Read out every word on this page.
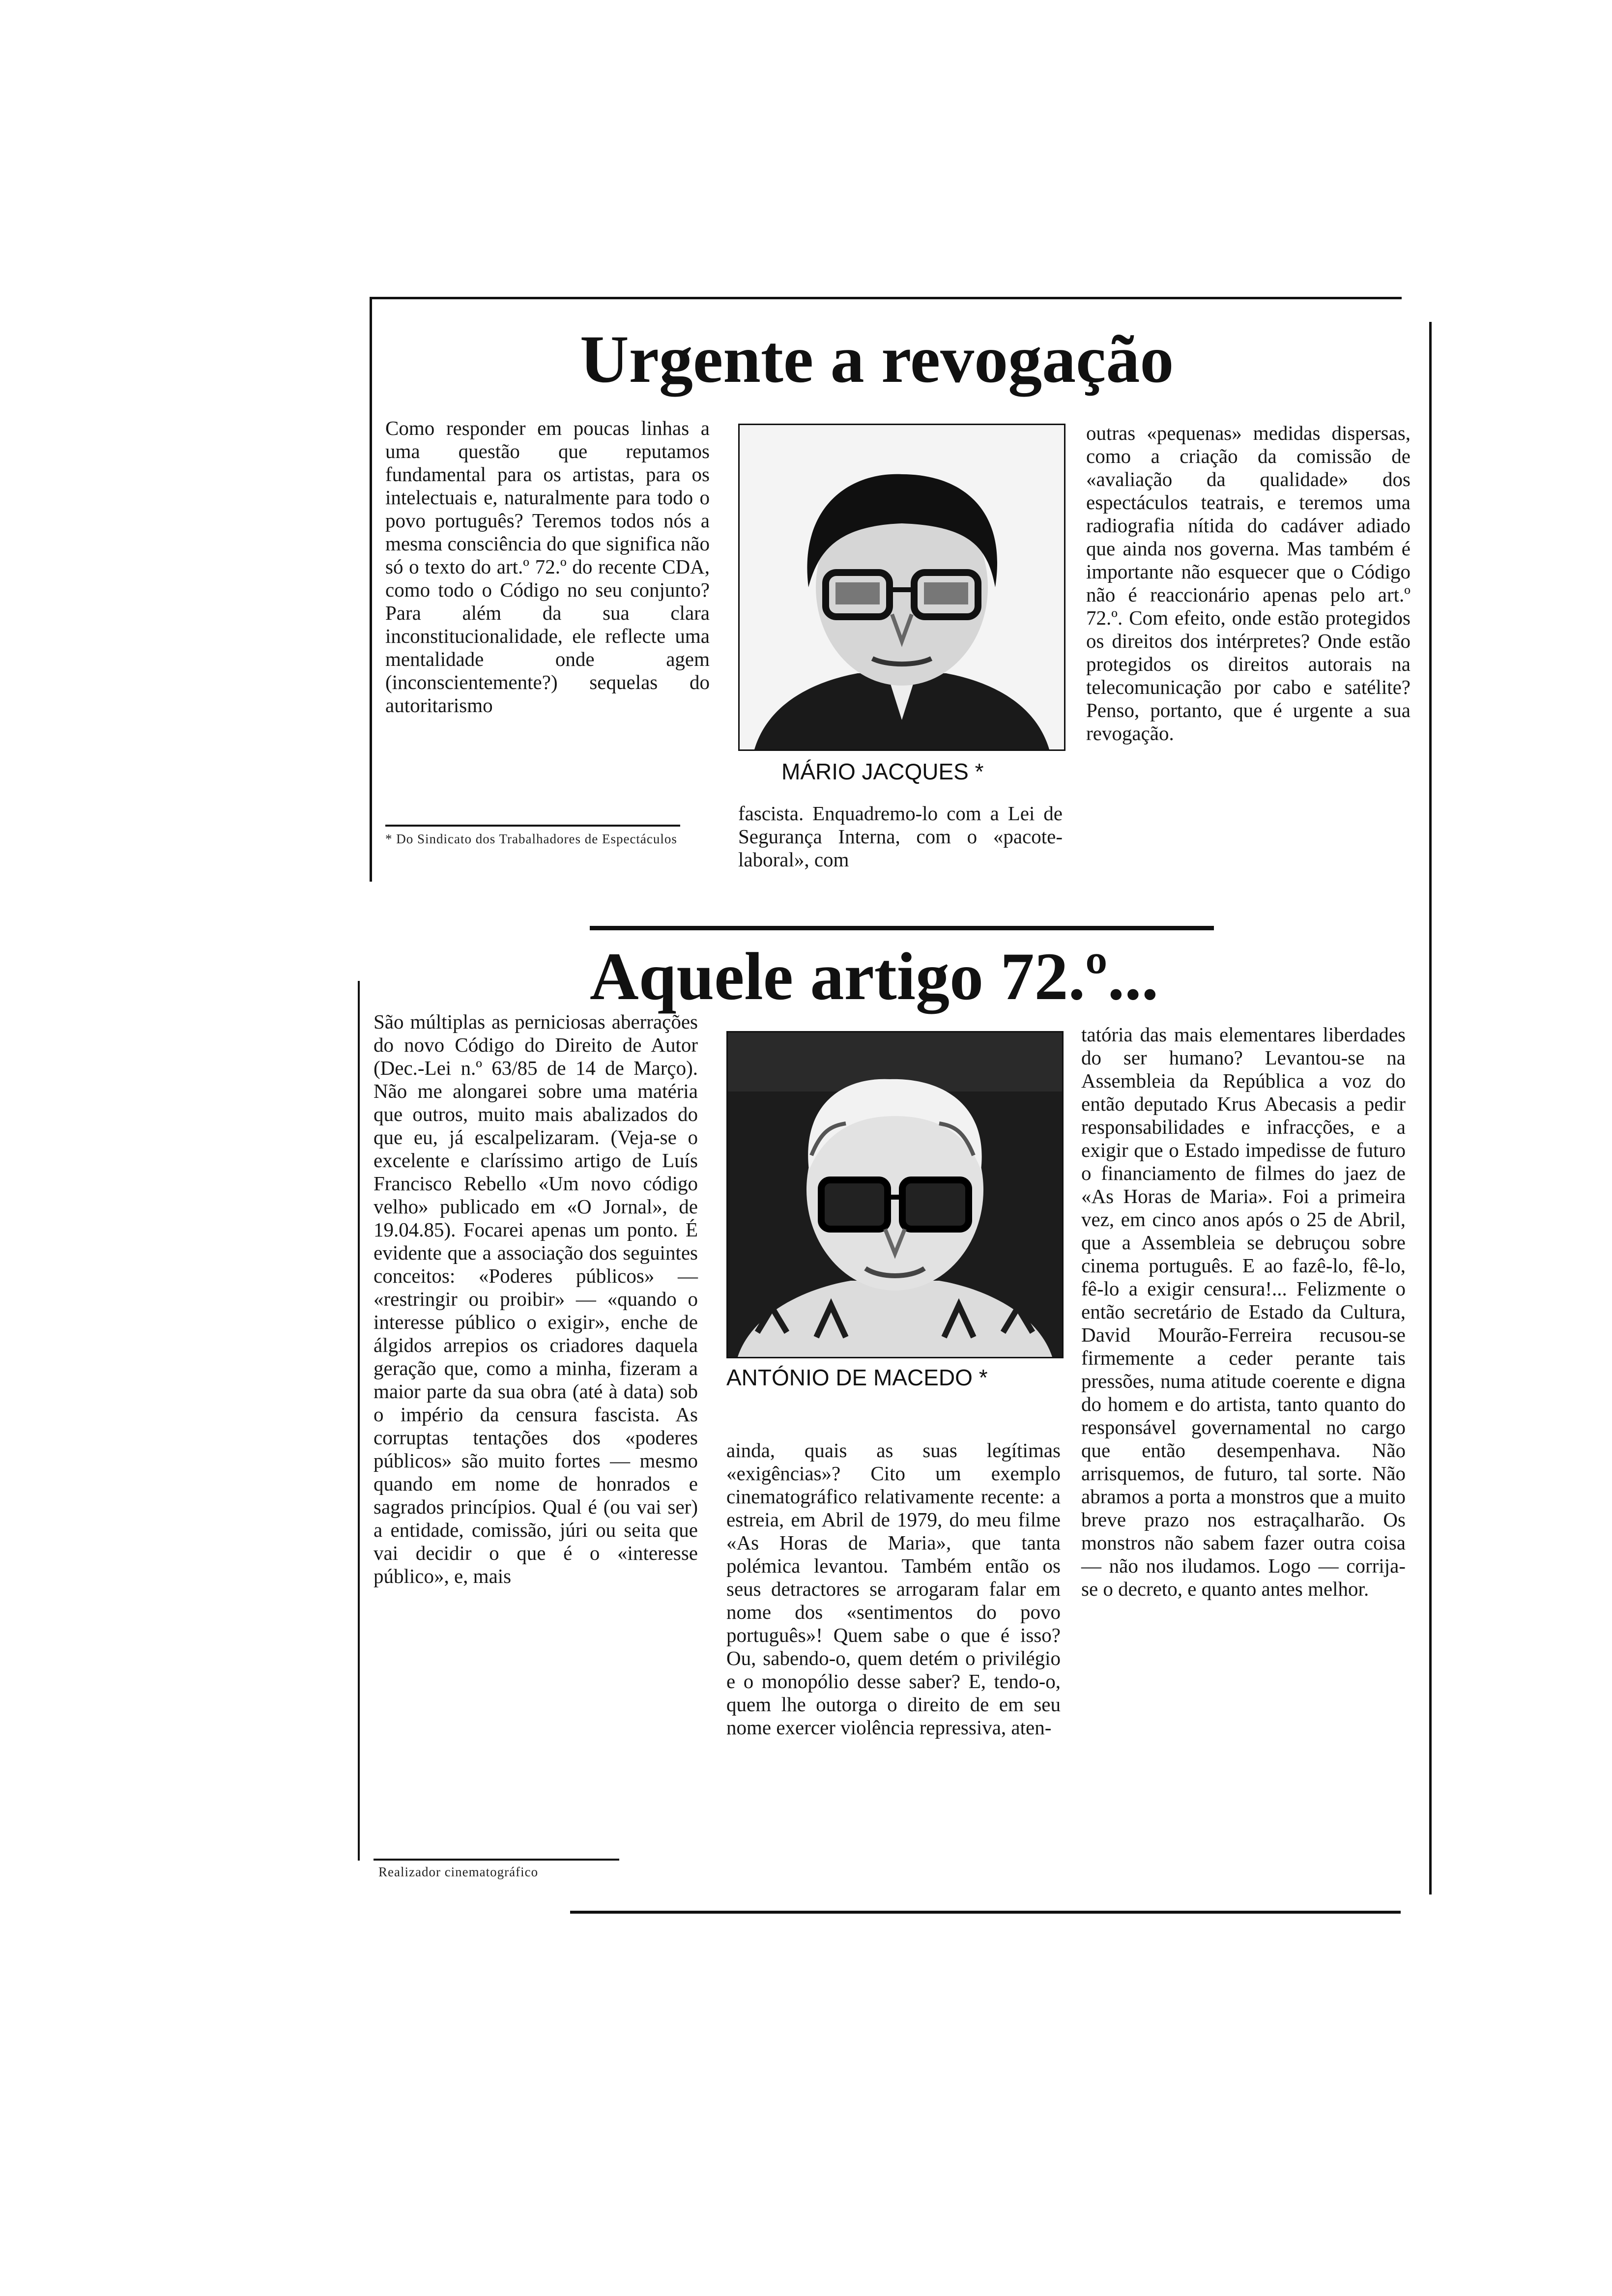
Urgente a revogação

Como responder em poucas linhas a uma questão que reputamos fundamental para os artistas, para os intelectuais e, naturalmente para todo o povo português? Teremos todos nós a mesma consciência do que significa não só o texto do art.º 72.º do recente CDA, como todo o Código no seu conjunto? Para além da sua clara inconstitucionalidade, ele reflecte uma mentalidade onde agem (inconscientemente?) sequelas do autoritarismo

* Do Sindicato dos Trabalhadores de Espectáculos
MÁRIO JACQUES *

fascista. Enquadremo-lo com a Lei de Segurança Interna, com o «pacote-laboral», com

outras «pequenas» medidas dispersas, como a criação da comissão de «avaliação da qualidade» dos espectáculos teatrais, e teremos uma radiografia nítida do cadáver adiado que ainda nos governa. Mas também é importante não esquecer que o Código não é reaccionário apenas pelo art.º 72.º. Com efeito, onde estão protegidos os direitos dos intérpretes? Onde estão protegidos os direitos autorais na telecomunicação por cabo e satélite? Penso, portanto, que é urgente a sua revogação.

Aquele artigo 72.º...

São múltiplas as perniciosas aberrações do novo Código do Direito de Autor (Dec.-Lei n.º 63/85 de 14 de Março). Não me alongarei sobre uma matéria que outros, muito mais abalizados do que eu, já escalpelizaram. (Veja-se o excelente e claríssimo artigo de Luís Francisco Rebello «Um novo código velho» publicado em «O Jornal», de 19.04.85). Focarei apenas um ponto. É evidente que a associação dos seguintes conceitos: «Poderes públicos» — «restringir ou proibir» — «quando o interesse público o exigir», enche de álgidos arrepios os criadores daquela geração que, como a minha, fizeram a maior parte da sua obra (até à data) sob o império da censura fascista. As corruptas tentações dos «poderes públicos» são muito fortes — mesmo quando em nome de honrados e sagrados princípios. Qual é (ou vai ser) a entidade, comissão, júri ou seita que vai decidir o que é o «interesse público», e, mais

Realizador cinematográfico
ANTÓNIO DE MACEDO *

ainda, quais as suas legítimas «exigências»? Cito um exemplo cinematográfico relativamente recente: a estreia, em Abril de 1979, do meu filme «As Horas de Maria», que tanta polémica levantou. Também então os seus detractores se arrogaram falar em nome dos «sentimentos do povo português»! Quem sabe o que é isso? Ou, sabendo-o, quem detém o privilégio e o monopólio desse saber? E, tendo-o, quem lhe outorga o direito de em seu nome exercer violência repressiva, aten-

tatória das mais elementares liberdades do ser humano? Levantou-se na Assembleia da República a voz do então deputado Krus Abecasis a pedir responsabilidades e infracções, e a exigir que o Estado impedisse de futuro o financiamento de filmes do jaez de «As Horas de Maria». Foi a primeira vez, em cinco anos após o 25 de Abril, que a Assembleia se debruçou sobre cinema português. E ao fazê-lo, fê-lo, fê-lo a exigir censura!... Felizmente o então secretário de Estado da Cultura, David Mourão-Ferreira recusou-se firmemente a ceder perante tais pressões, numa atitude coerente e digna do homem e do artista, tanto quanto do responsável governamental no cargo que então desempenhava. Não arrisquemos, de futuro, tal sorte. Não abramos a porta a monstros que a muito breve prazo nos estraçalharão. Os monstros não sabem fazer outra coisa — não nos iludamos. Logo — corrija-se o decreto, e quanto antes melhor.
